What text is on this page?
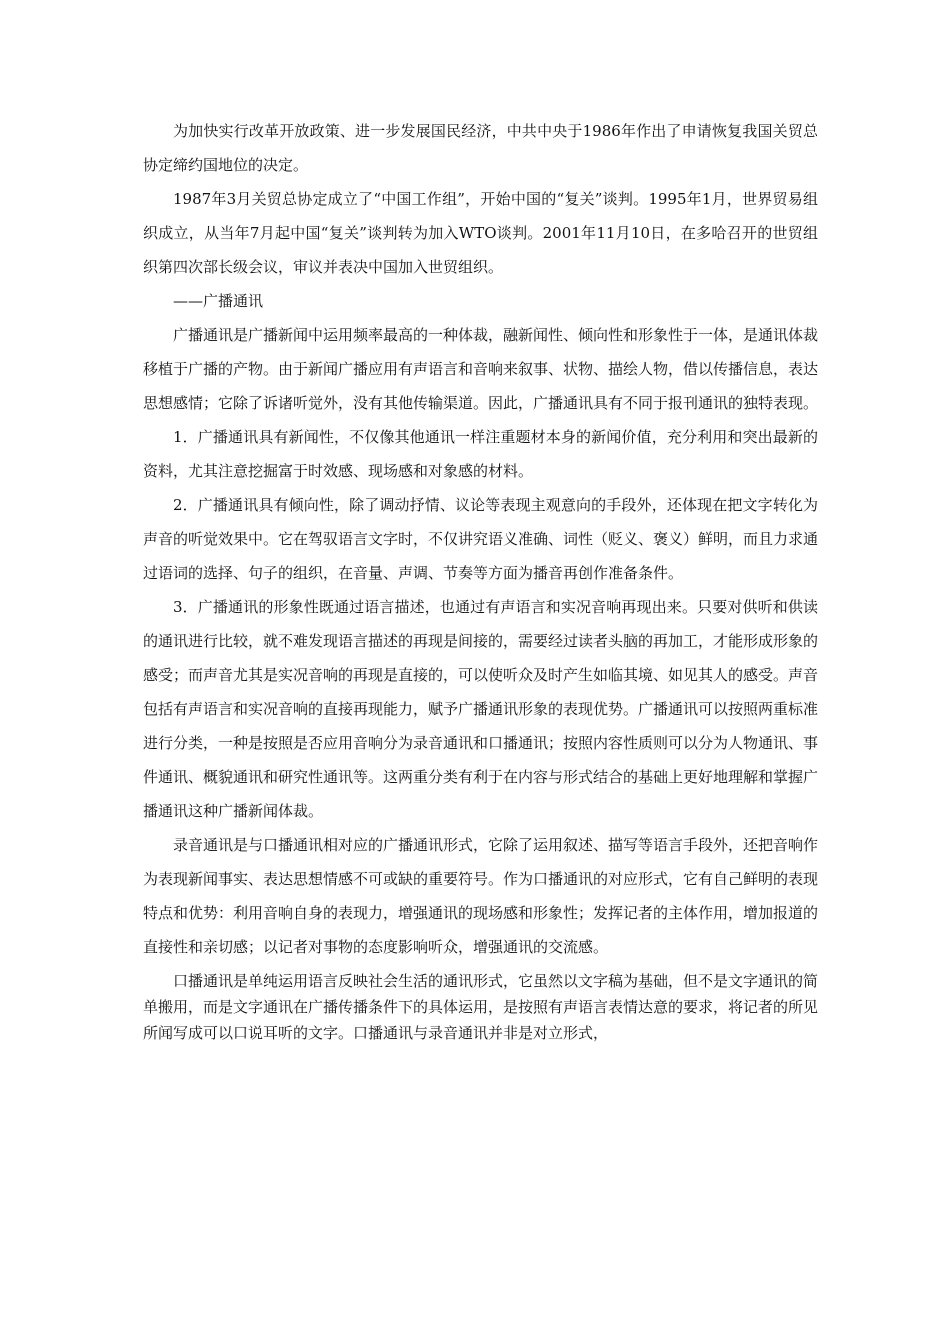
为加快实行改革开放政策、进一步发展国民经济，中共中央于1986年作出了申请恢复我国关贸总协定缔约国地位的决定。

1987年3月关贸总协定成立了“中国工作组”，开始中国的“复关”谈判。1995年1月，世界贸易组织成立，从当年7月起中国“复关”谈判转为加入WTO谈判。2001年11月10日，在多哈召开的世贸组织第四次部长级会议，审议并表决中国加入世贸组织。

——广播通讯

广播通讯是广播新闻中运用频率最高的一种体裁，融新闻性、倾向性和形象性于一体，是通讯体裁移植于广播的产物。由于新闻广播应用有声语言和音响来叙事、状物、描绘人物，借以传播信息，表达思想感情；它除了诉诸听觉外，没有其他传输渠道。因此，广播通讯具有不同于报刊通讯的独特表现。

1．广播通讯具有新闻性，不仅像其他通讯一样注重题材本身的新闻价值，充分利用和突出最新的资料，尤其注意挖掘富于时效感、现场感和对象感的材料。

2．广播通讯具有倾向性，除了调动抒情、议论等表现主观意向的手段外，还体现在把文字转化为声音的听觉效果中。它在驾驭语言文字时，不仅讲究语义准确、词性（贬义、褒义）鲜明，而且力求通过语词的选择、句子的组织，在音量、声调、节奏等方面为播音再创作准备条件。

3．广播通讯的形象性既通过语言描述，也通过有声语言和实况音响再现出来。只要对供听和供读的通讯进行比较，就不难发现语言描述的再现是间接的，需要经过读者头脑的再加工，才能形成形象的感受；而声音尤其是实况音响的再现是直接的，可以使听众及时产生如临其境、如见其人的感受。声音包括有声语言和实况音响的直接再现能力，赋予广播通讯形象的表现优势。广播通讯可以按照两重标准进行分类，一种是按照是否应用音响分为录音通讯和口播通讯；按照内容性质则可以分为人物通讯、事件通讯、概貌通讯和研究性通讯等。这两重分类有利于在内容与形式结合的基础上更好地理解和掌握广播通讯这种广播新闻体裁。

录音通讯是与口播通讯相对应的广播通讯形式，它除了运用叙述、描写等语言手段外，还把音响作为表现新闻事实、表达思想情感不可或缺的重要符号。作为口播通讯的对应形式，它有自己鲜明的表现特点和优势：利用音响自身的表现力，增强通讯的现场感和形象性；发挥记者的主体作用，增加报道的直接性和亲切感；以记者对事物的态度影响听众，增强通讯的交流感。

口播通讯是单纯运用语言反映社会生活的通讯形式，它虽然以文字稿为基础，但不是文字通讯的简单搬用，而是文字通讯在广播传播条件下的具体运用，是按照有声语言表情达意的要求，将记者的所见所闻写成可以口说耳听的文字。口播通讯与录音通讯并非是对立形式，
